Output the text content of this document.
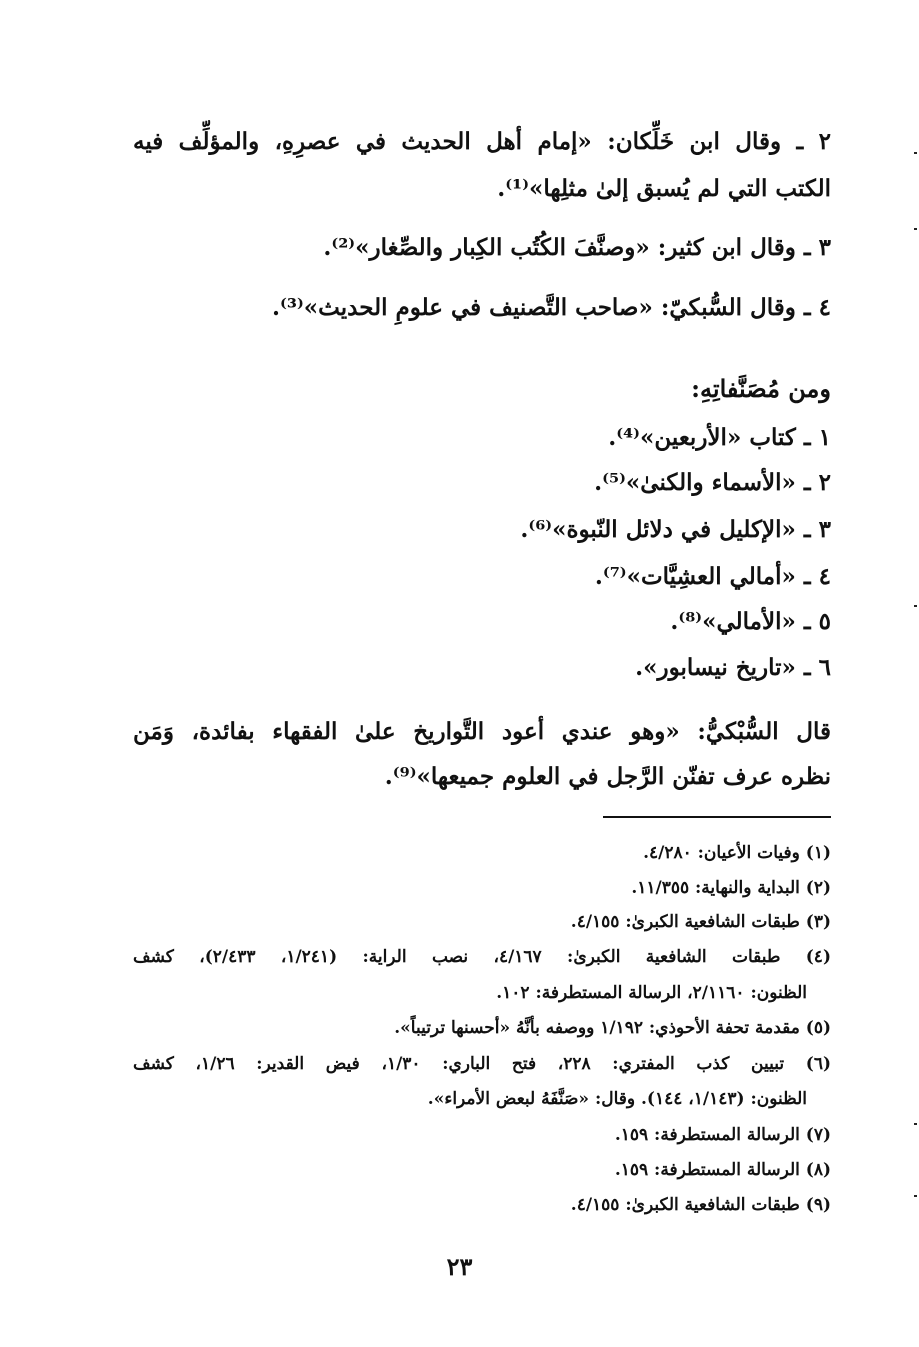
٢ ـ وقال ابن خَلِّكان: «إمام أهل الحديث في عصرِهِ، والمؤلِّف فيه
الكتب التي لم يُسبق إلىٰ مثلِها»⁽¹⁾.
٣ ـ وقال ابن كثير: «وصنَّفَ الكُتُب الكِبار والصِّغار»⁽²⁾.
٤ ـ وقال السُّبكيّ: «صاحب التَّصنيف في علومِ الحديث»⁽³⁾.
ومن مُصَنَّفاتِهِ:
١ ـ كتاب «الأربعين»⁽⁴⁾.
٢ ـ «الأسماء والكنىٰ»⁽⁵⁾.
٣ ـ «الإكليل في دلائل النّبوة»⁽⁶⁾.
٤ ـ «أمالي العشِيَّات»⁽⁷⁾.
٥ ـ «الأمالي»⁽⁸⁾.
٦ ـ «تاريخ نيسابور».
قال السُّبْكيُّ: «وهو عندي أعود التَّواريخ علىٰ الفقهاء بفائدة، وَمَن
نظره عرف تفنّن الرَّجل في العلوم جميعها»⁽⁹⁾.
(١) وفيات الأعيان: ٤/٢٨٠.
(٢) البداية والنهاية: ١١/٣٥٥.
(٣) طبقات الشافعية الكبرىٰ: ٤/١٥٥.
(٤) طبقات الشافعية الكبرىٰ: ٤/١٦٧، نصب الراية: (١/٢٤١، ٢/٤٣٣)، كشف
الظنون: ٢/١١٦٠، الرسالة المستطرفة: ١٠٢.
(٥) مقدمة تحفة الأحوذي: ١/١٩٢ ووصفه بأنَّهُ «أحسنها ترتيباً».
(٦) تبيين كذب المفتري: ٢٢٨، فتح الباري: ١/٣٠، فيض القدير: ١/٢٦، كشف
الظنون: (١/١٤٣، ١٤٤). وقال: «صَنَّفَهُ لبعض الأمراء».
(٧) الرسالة المستطرفة: ١٥٩.
(٨) الرسالة المستطرفة: ١٥٩.
(٩) طبقات الشافعية الكبرىٰ: ٤/١٥٥.
٢٣
